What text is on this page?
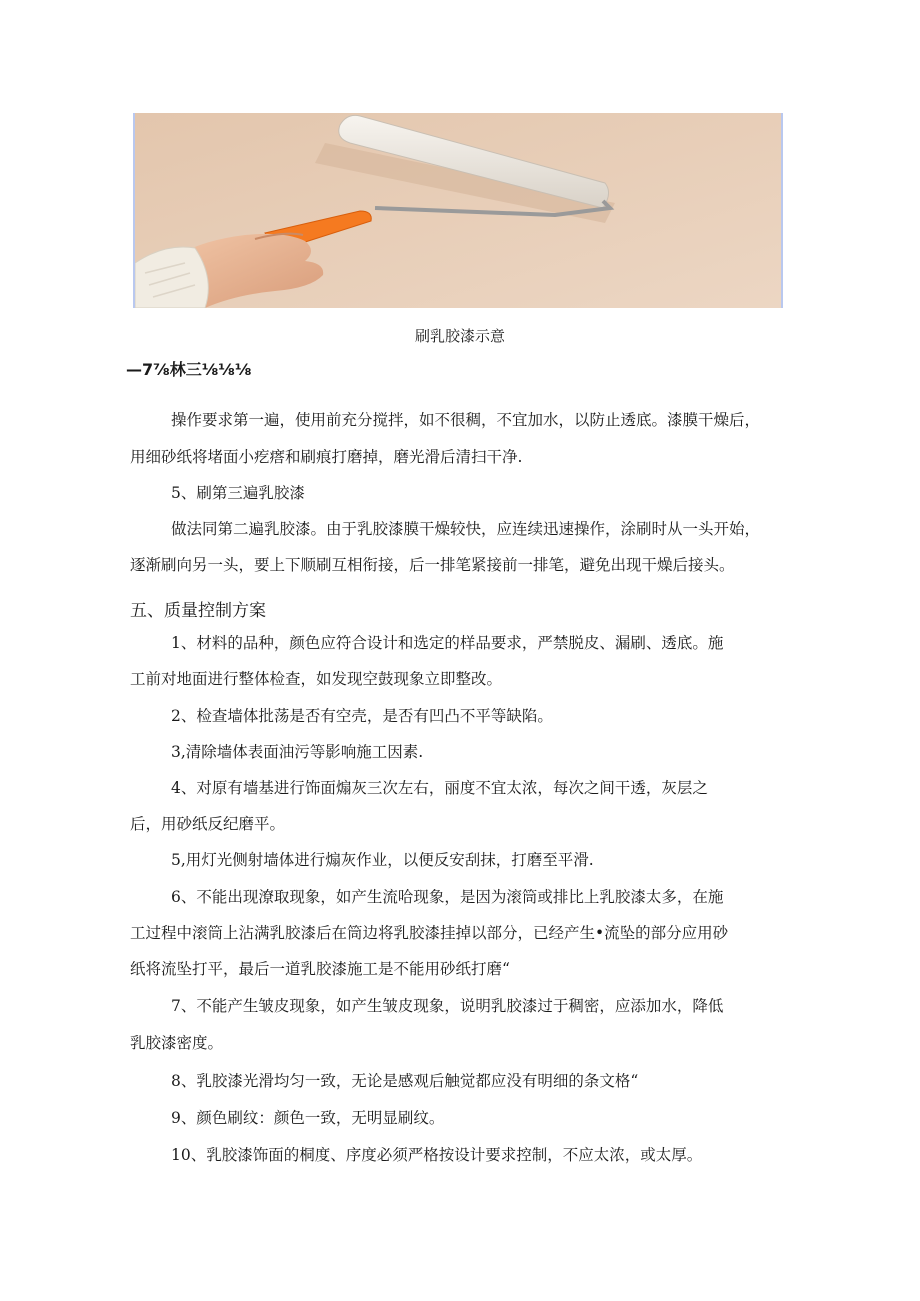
刷乳胶漆示意
—7⅞林三⅛⅛⅛
操作要求第一遍，使用前充分搅拌，如不很稠，不宜加水，以防止透底。漆膜干燥后，
用细砂纸将堵面小疙瘩和刷痕打磨掉，磨光滑后清扫干净.
5、刷第三遍乳胶漆
做法同第二遍乳胶漆。由于乳胶漆膜干燥较快，应连续迅速操作，涂刷时从一头开始，
逐渐刷向另一头，要上下顺刷互相衔接，后一排笔紧接前一排笔，避免出现干燥后接头。
五、质量控制方案
1、材料的品种，颜色应符合设计和选定的样品要求，严禁脱皮、漏刷、透底。施
工前对地面进行整体检查，如发现空鼓现象立即整改。
2、检查墙体批荡是否有空壳，是否有凹凸不平等缺陷。
3,清除墙体表面油污等影响施工因素.
4、对原有墙基进行饰面煽灰三次左右，丽度不宜太浓，每次之间干透，灰层之
后，用砂纸反纪磨平。
5,用灯光侧射墙体进行煽灰作业，以便反安刮抹，打磨至平滑.
6、不能出现潦取现象，如产生流哈现象，是因为滚筒或排比上乳胶漆太多，在施
工过程中滚筒上沾满乳胶漆后在筒边将乳胶漆挂掉以部分，已经产生•流坠的部分应用砂
纸将流坠打平，最后一道乳胶漆施工是不能用砂纸打磨“
7、不能产生皱皮现象，如产生皱皮现象，说明乳胶漆过于稠密，应添加水，降低
乳胶漆密度。
8、乳胶漆光滑均匀一致，无论是感观后触觉都应没有明细的条文格“
9、颜色刷纹：颜色一致，无明显刷纹。
10、乳胶漆饰面的桐度、序度必须严格按设计要求控制，不应太浓，或太厚。
